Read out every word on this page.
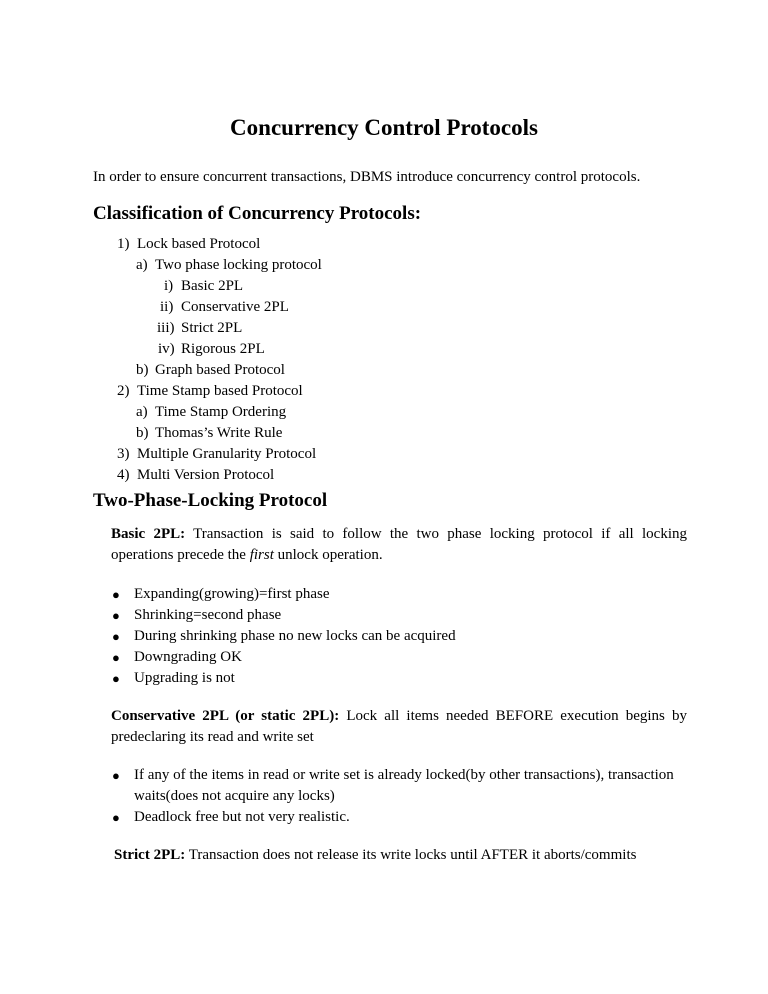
Concurrency Control Protocols

In order to ensure concurrent transactions, DBMS introduce concurrency control protocols.

Classification of Concurrency Protocols:
1) Lock based Protocol
a) Two phase locking protocol
i) Basic 2PL
ii) Conservative 2PL
iii) Strict 2PL
iv) Rigorous 2PL
b) Graph based Protocol
2) Time Stamp based Protocol
a) Time Stamp Ordering
b) Thomas’s Write Rule
3) Multiple Granularity Protocol
4) Multi Version Protocol
Two-Phase-Locking Protocol

Basic 2PL: Transaction is said to follow the two phase locking protocol if all locking operations precede the first unlock operation.

● Expanding(growing)=first phase
● Shrinking=second phase
● During shrinking phase no new locks can be acquired
● Downgrading OK
● Upgrading is not

Conservative 2PL (or static 2PL): Lock all items needed BEFORE execution begins by predeclaring its read and write set

● If any of the items in read or write set is already locked(by other transactions), transaction waits(does not acquire any locks)
● Deadlock free but not very realistic.

Strict 2PL: Transaction does not release its write locks until AFTER it aborts/commits
